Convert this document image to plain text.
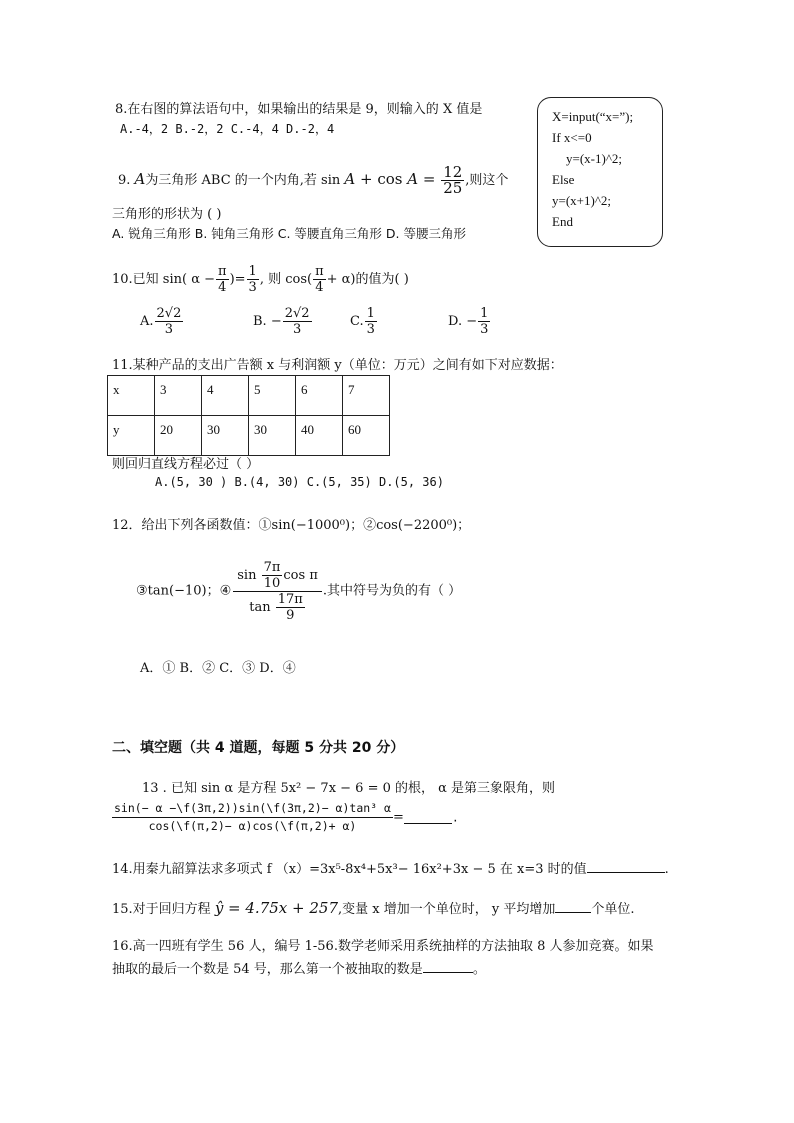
8.在右图的算法语句中，如果输出的结果是 9，则输入的 X 值是
A.-4，2 B.-2，2 C.-4，4 D.-2，4
X=input(“x=”);
If x<=0
y=(x-1)^2;
Else
y=(x+1)^2;
End
9. A为三角形 ABC 的一个内角,若 $\sin A + \cos A = \frac{12}{25}$ ,则这个
三角形的形状为 ( )
A. 锐角三角形 B. 钝角三角形 C. 等腰直角三角形 D. 等腰三角形
10.已知 sin( $\alpha - \frac{\pi}{4}$ )= $\frac{1}{3}$ , 则 $\cos( \frac{\pi}{4} + \alpha)$的值为( )
A. $\frac{2√2}{3}$	B. − $\frac{2√2}{3}$	C. $\frac{1}{3}$	D. − $\frac{1}{3}$
11.某种产品的支出广告额 x 与利润额 y（单位：万元）之间有如下对应数据：
x	3	4	5	6	7
y	20	30	30	40	60
则回归直线方程必过（ ）
A.(5, 30 ) B.(4, 30) C.(5, 35) D.(5, 36)
12．给出下列各函数值：①sin(−1000⁰)；②cos(−2200⁰)；
③tan(−10)；④ $\frac{\sin \frac{7\pi}{10} \cos \pi}{\tan \frac{17\pi}{9}}$ .其中符号为负的有（ ）
A．① B．② C．③ D．④
二、填空题（共 4 道题，每题 5 分共 20 分）
13 . 已知 sin α 是方程 5x² − 7x − 6 = 0 的根， α 是第三象限角，则
$\frac{\text{sin(− α −\textbackslash{}f(3π,2))sin(\textbackslash{}f(3π,2)− α)tan³ α}}{\cos(\backslash f(\pi,2)- \alpha)\cos(\backslash f(\pi,2)+ \alpha)}$ =	.
14.用秦九韶算法求多项式 f （x）=3x⁵-8x⁴+5x³− 16x²+3x − 5 在 x=3 时的值	.
15.对于回归方程 ŷ = 4.75x + 257,变量 x 增加一个单位时， y 平均增加	个单位.
16.高一四班有学生 56 人，编号 1-56.数学老师采用系统抽样的方法抽取 8 人参加竞赛。如果
抽取的最后一个数是 54 号，那么第一个被抽取的数是	。
